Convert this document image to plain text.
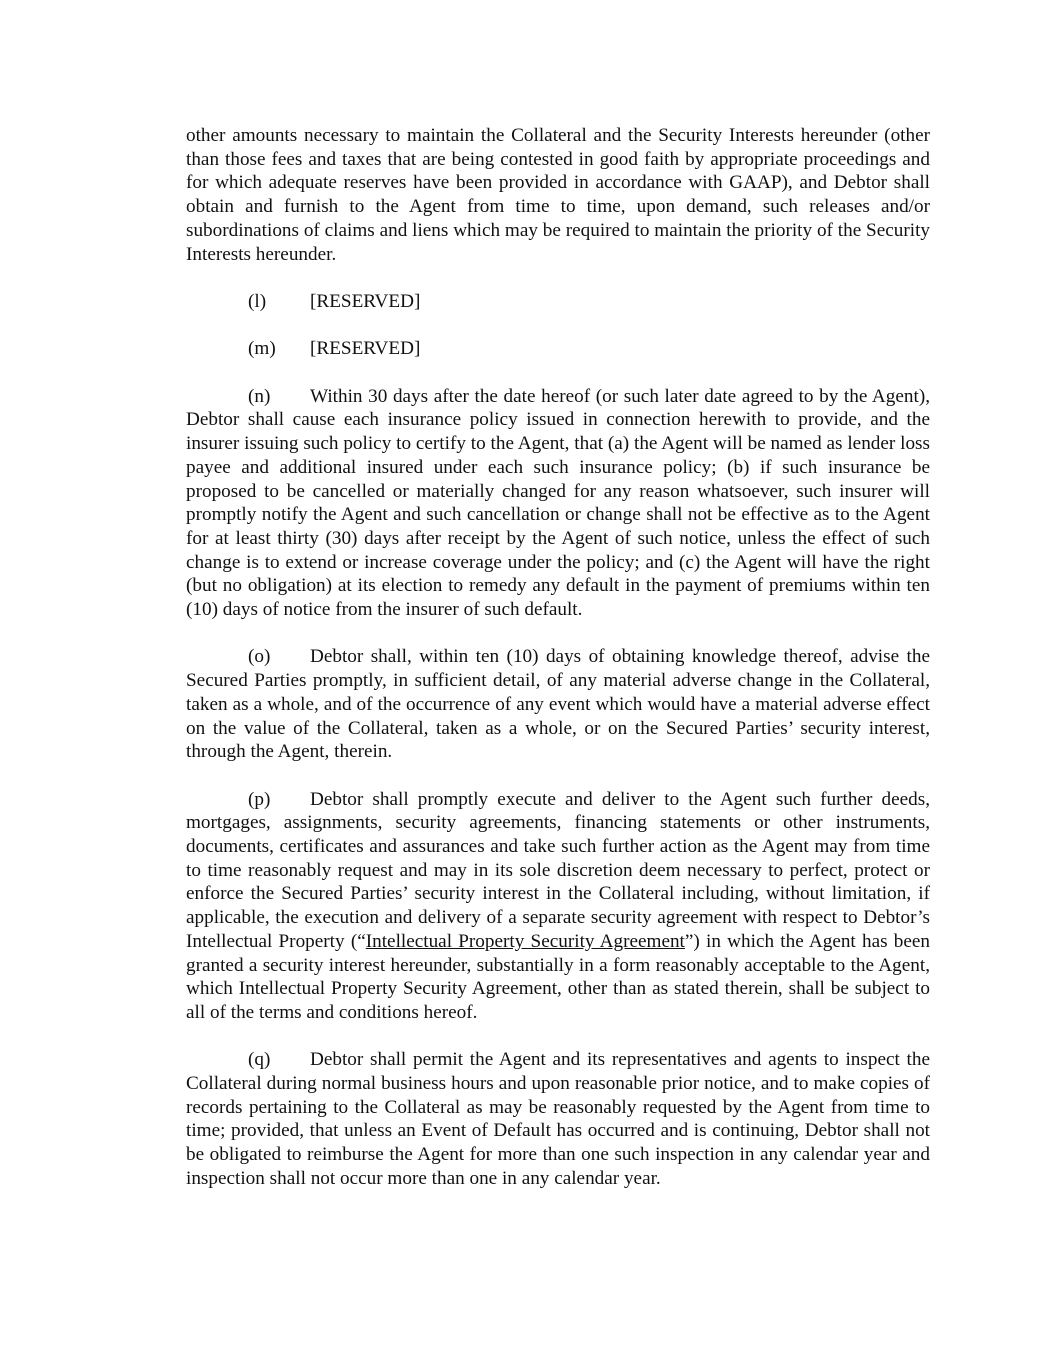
other amounts necessary to maintain the Collateral and the Security Interests hereunder (other than those fees and taxes that are being contested in good faith by appropriate proceedings and for which adequate reserves have been provided in accordance with GAAP), and Debtor shall obtain and furnish to the Agent from time to time, upon demand, such releases and/or subordinations of claims and liens which may be required to maintain the priority of the Security Interests hereunder.

(l) [RESERVED]

(m) [RESERVED]

(n) Within 30 days after the date hereof (or such later date agreed to by the Agent), Debtor shall cause each insurance policy issued in connection herewith to provide, and the insurer issuing such policy to certify to the Agent, that (a) the Agent will be named as lender loss payee and additional insured under each such insurance policy; (b) if such insurance be proposed to be cancelled or materially changed for any reason whatsoever, such insurer will promptly notify the Agent and such cancellation or change shall not be effective as to the Agent for at least thirty (30) days after receipt by the Agent of such notice, unless the effect of such change is to extend or increase coverage under the policy; and (c) the Agent will have the right (but no obligation) at its election to remedy any default in the payment of premiums within ten (10) days of notice from the insurer of such default.

(o) Debtor shall, within ten (10) days of obtaining knowledge thereof, advise the Secured Parties promptly, in sufficient detail, of any material adverse change in the Collateral, taken as a whole, and of the occurrence of any event which would have a material adverse effect on the value of the Collateral, taken as a whole, or on the Secured Parties’ security interest, through the Agent, therein.

(p) Debtor shall promptly execute and deliver to the Agent such further deeds, mortgages, assignments, security agreements, financing statements or other instruments, documents, certificates and assurances and take such further action as the Agent may from time to time reasonably request and may in its sole discretion deem necessary to perfect, protect or enforce the Secured Parties’ security interest in the Collateral including, without limitation, if applicable, the execution and delivery of a separate security agreement with respect to Debtor’s Intellectual Property (“Intellectual Property Security Agreement”) in which the Agent has been granted a security interest hereunder, substantially in a form reasonably acceptable to the Agent, which Intellectual Property Security Agreement, other than as stated therein, shall be subject to all of the terms and conditions hereof.

(q) Debtor shall permit the Agent and its representatives and agents to inspect the Collateral during normal business hours and upon reasonable prior notice, and to make copies of records pertaining to the Collateral as may be reasonably requested by the Agent from time to time; provided, that unless an Event of Default has occurred and is continuing, Debtor shall not be obligated to reimburse the Agent for more than one such inspection in any calendar year and inspection shall not occur more than one in any calendar year.
